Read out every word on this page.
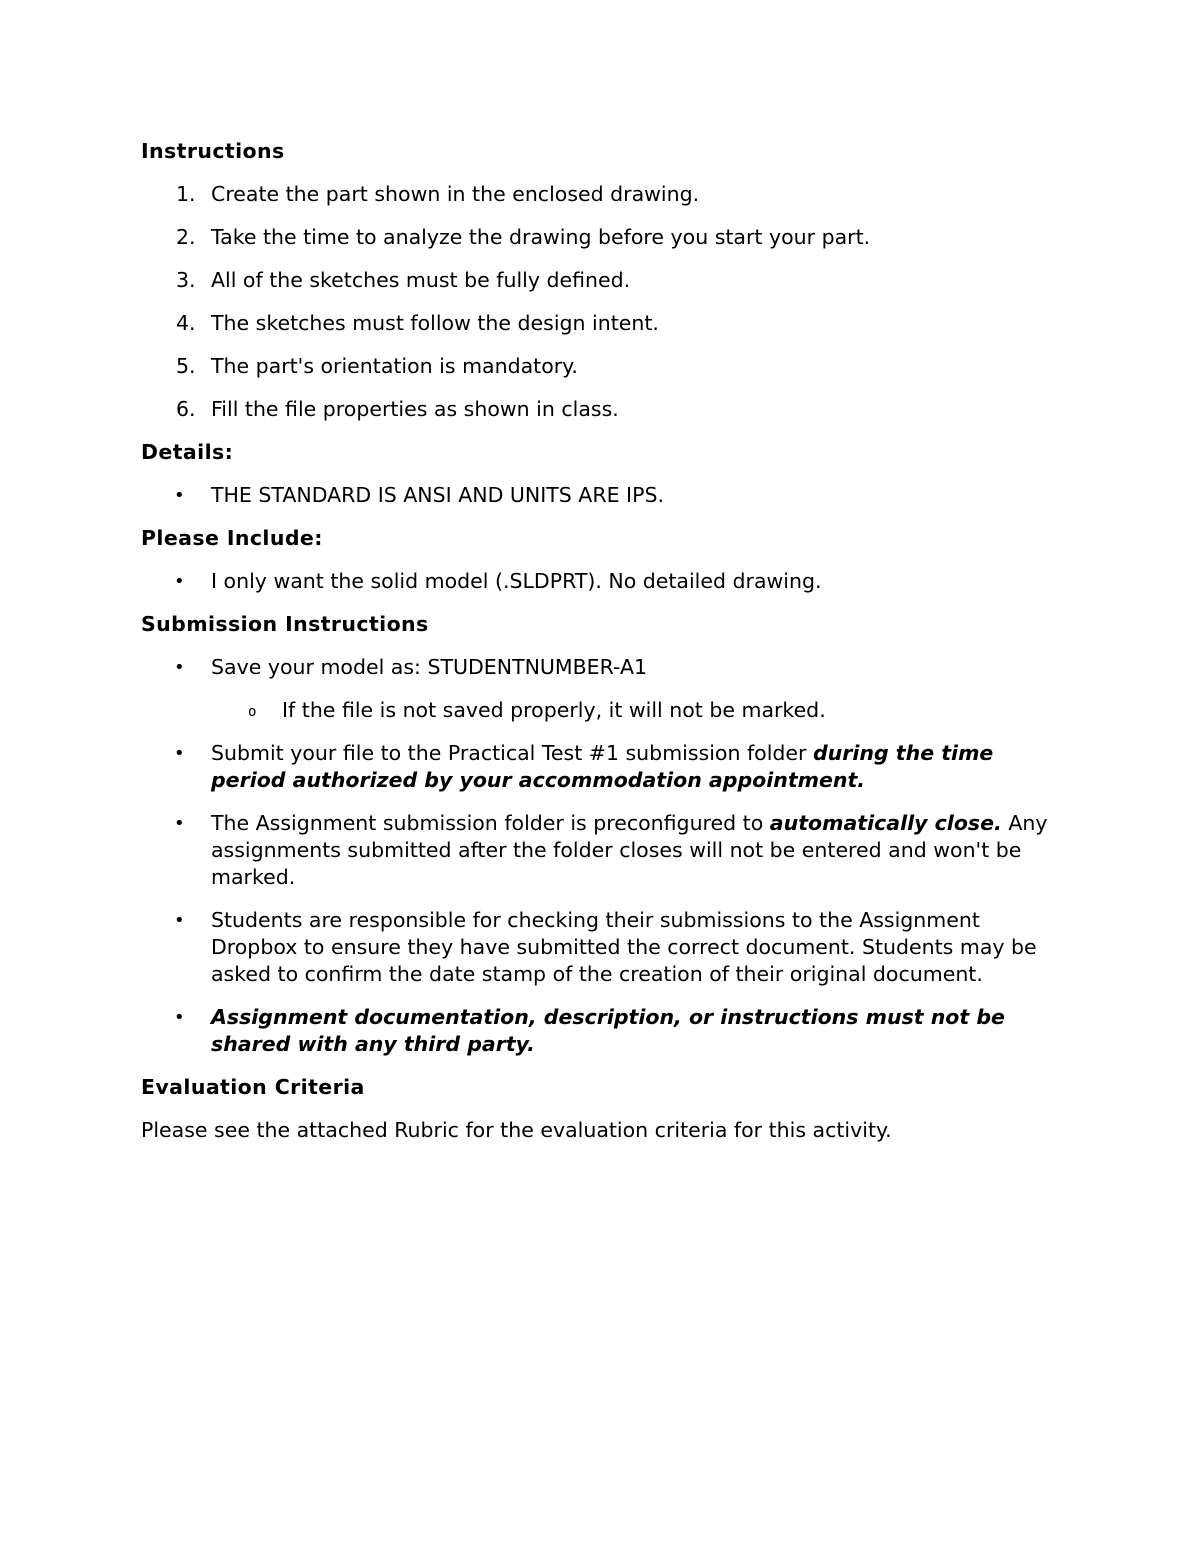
Instructions

1. Create the part shown in the enclosed drawing.
2. Take the time to analyze the drawing before you start your part.
3. All of the sketches must be fully defined.
4. The sketches must follow the design intent.
5. The part's orientation is mandatory.
6. Fill the file properties as shown in class.

Details:

• THE STANDARD IS ANSI AND UNITS ARE IPS.

Please Include:

• I only want the solid model (.SLDPRT). No detailed drawing.

Submission Instructions

• Save your model as: STUDENTNUMBER-A1
o If the file is not saved properly, it will not be marked.
• Submit your file to the Practical Test #1 submission folder during the time period authorized by your accommodation appointment.
• The Assignment submission folder is preconfigured to automatically close. Any assignments submitted after the folder closes will not be entered and won't be marked.
• Students are responsible for checking their submissions to the Assignment Dropbox to ensure they have submitted the correct document. Students may be asked to confirm the date stamp of the creation of their original document.
• Assignment documentation, description, or instructions must not be shared with any third party.

Evaluation Criteria

Please see the attached Rubric for the evaluation criteria for this activity.
